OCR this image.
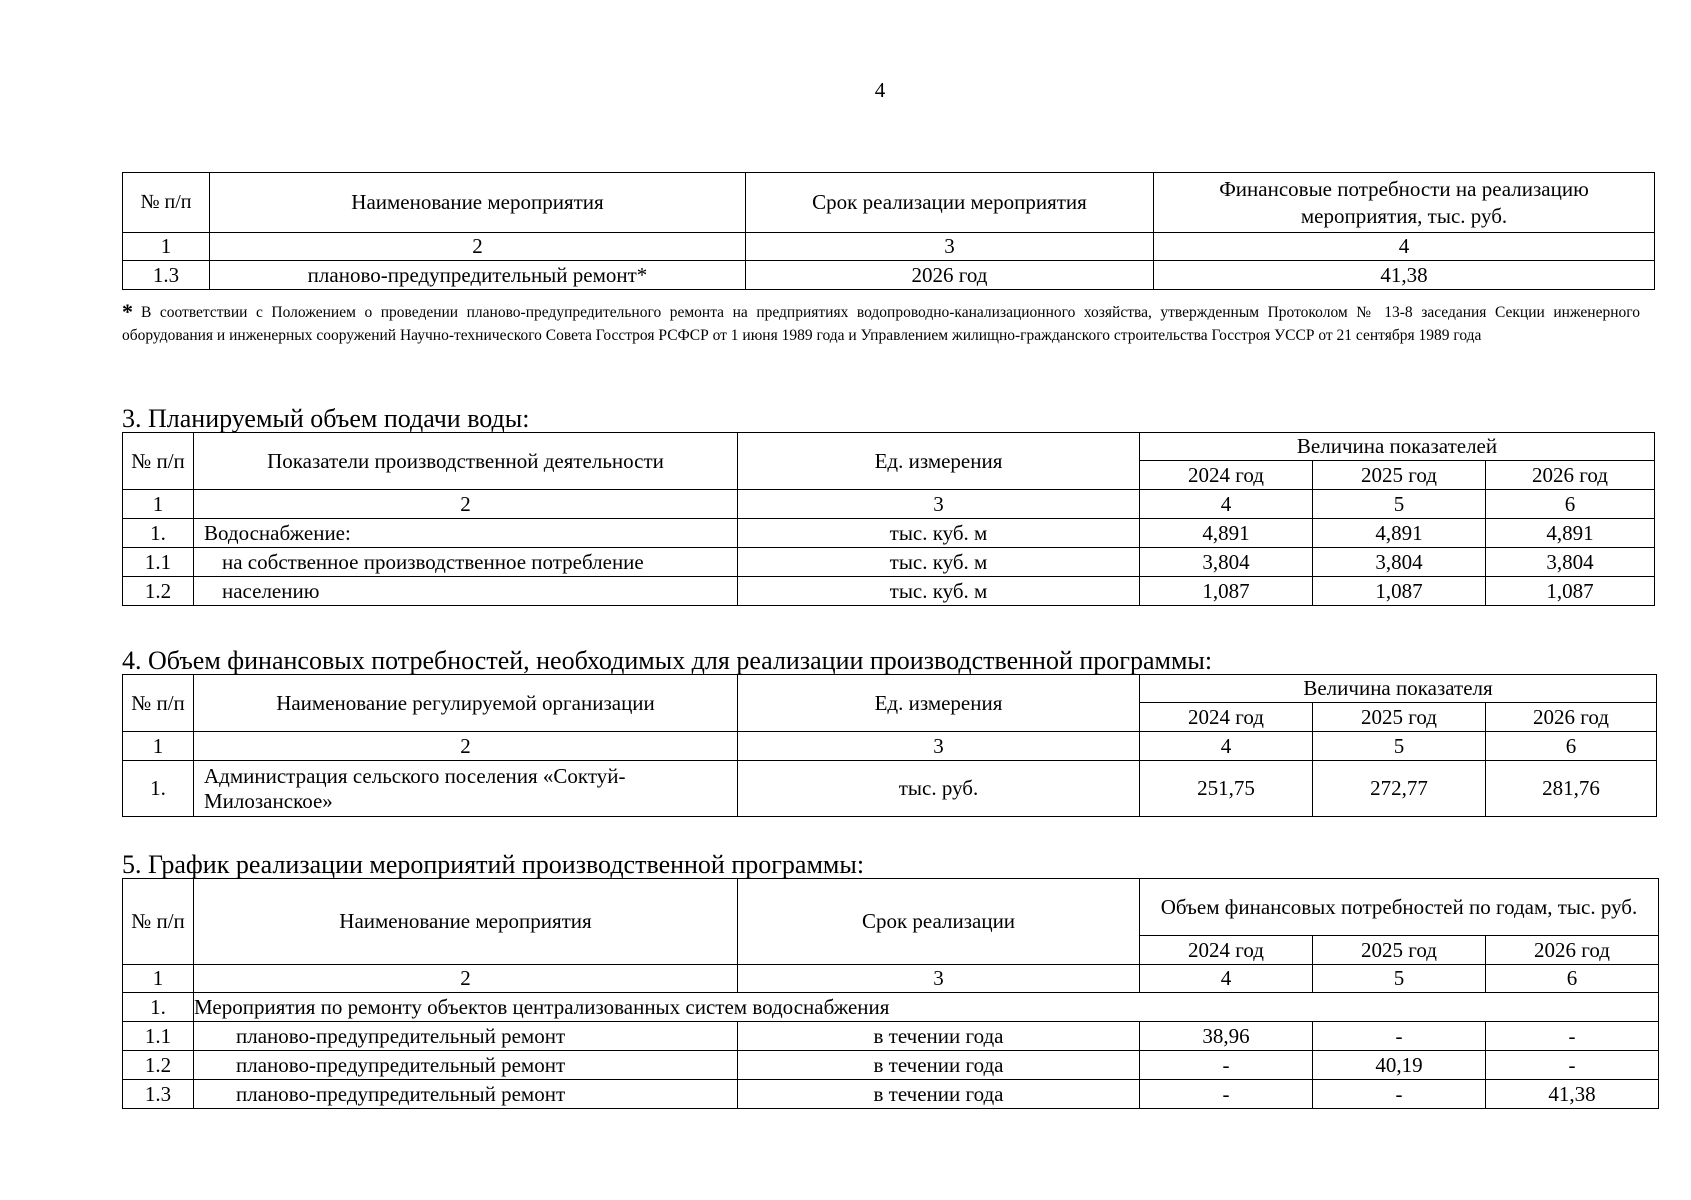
4
№ п/п	Наименование мероприятия	Срок реализации мероприятия	Финансовые потребности на реализацию мероприятия, тыс. руб.
1	2	3	4
1.3	планово-предупредительный ремонт*	2026 год	41,38
* В соответствии с Положением о проведении планово-предупредительного ремонта на предприятиях водопроводно-канализационного хозяйства, утвержденным Протоколом № 13-8 заседания Секции инженерного оборудования и инженерных сооружений Научно-технического Совета Госстроя РСФСР от 1 июня 1989 года и Управлением жилищно-гражданского строительства Госстроя УССР от 21 сентября 1989 года
3. Планируемый объем подачи воды:
№ п/п	Показатели производственной деятельности	Ед. измерения	Величина показателей		
			2024 год	2025 год	2026 год
1	2	3	4	5	6
1.	Водоснабжение:	тыс. куб. м	4,891	4,891	4,891
1.1	на собственное производственное потребление	тыс. куб. м	3,804	3,804	3,804
1.2	населению	тыс. куб. м	1,087	1,087	1,087
4. Объем финансовых потребностей, необходимых для реализации производственной программы:
№ п/п	Наименование регулируемой организации	Ед. измерения	Величина показателя		
			2024 год	2025 год	2026 год
1	2	3	4	5	6
1.	Администрация сельского поселения «Соктуй-Милозанское»	тыс. руб.	251,75	272,77	281,76
5. График реализации мероприятий производственной программы:
№ п/п	Наименование мероприятия	Срок реализации	Объем финансовых потребностей по годам, тыс. руб.		
			2024 год	2025 год	2026 год
1	2	3	4	5	6
1.	Мероприятия по ремонту объектов централизованных систем водоснабжения				
1.1	планово-предупредительный ремонт	в течении года	38,96	-	-
1.2	планово-предупредительный ремонт	в течении года	-	40,19	-
1.3	планово-предупредительный ремонт	в течении года	-	-	41,38
